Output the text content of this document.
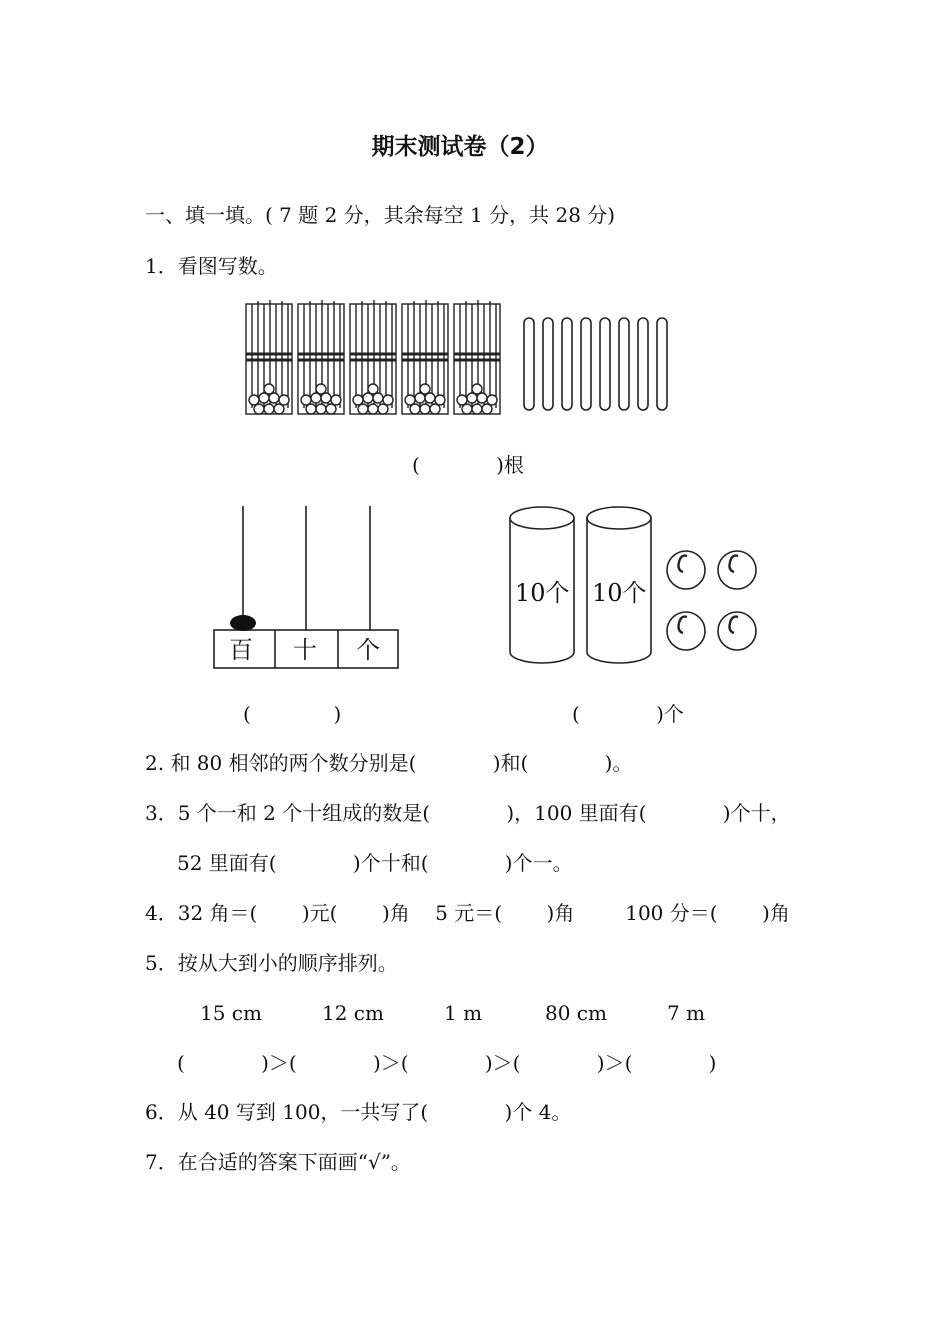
期末测试卷（2）
一、填一填。( 7 题 2 分，其余每空 1 分，共 28 分)
1．看图写数。
(            )根
百 十 个
(             )
10个 10个
(            )个
2. 和 80 相邻的两个数分别是(            )和(            )。
3．5 个一和 2 个十组成的数是(            )，100 里面有(            )个十，
52 里面有(            )个十和(            )个一。
4．32 角＝(       )元(       )角    5 元＝(       )角        100 分＝(       )角
5．按从大到小的顺序排列。
15 cm	12 cm	1 m	80 cm	7 m
(            )＞(            )＞(            )＞(            )＞(            )
6．从 40 写到 100，一共写了(            )个 4。
7．在合适的答案下面画“√”。
